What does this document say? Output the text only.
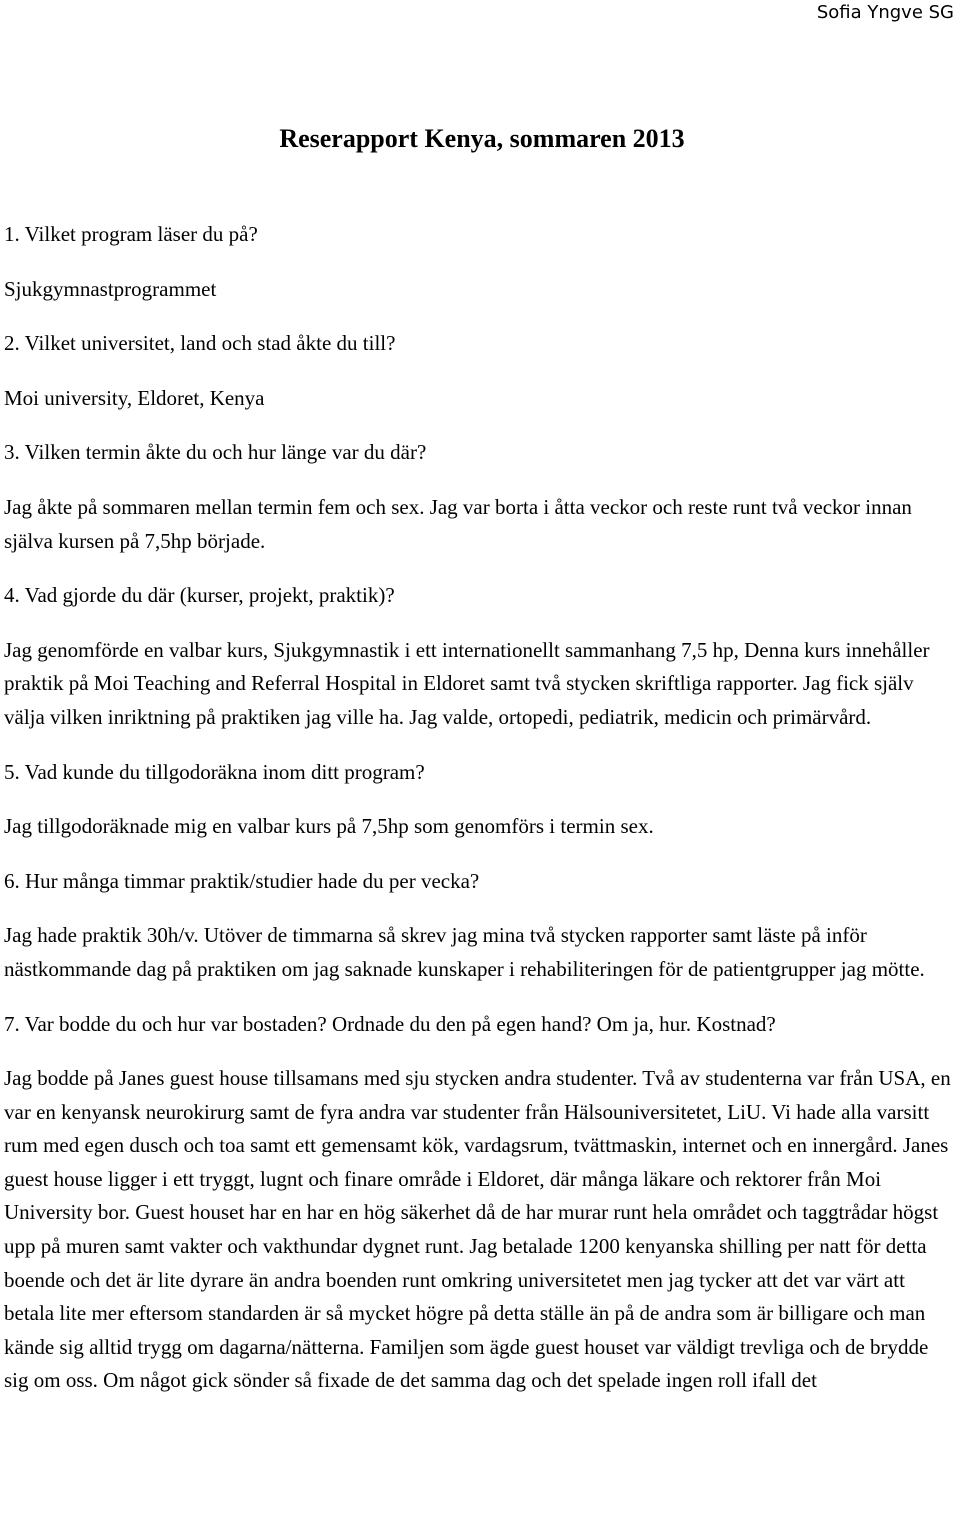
Sofia Yngve SG
Reserapport Kenya, sommaren 2013
1. Vilket program läser du på?
Sjukgymnastprogrammet
2. Vilket universitet, land och stad åkte du till?
Moi university, Eldoret, Kenya
3. Vilken termin åkte du och hur länge var du där?
Jag åkte på sommaren mellan termin fem och sex. Jag var borta i åtta veckor och reste runt två veckor innan själva kursen på 7,5hp började.
4. Vad gjorde du där (kurser, projekt, praktik)?
Jag genomförde en valbar kurs, Sjukgymnastik i ett internationellt sammanhang 7,5 hp, Denna kurs innehåller praktik på Moi Teaching and Referral Hospital in Eldoret samt två stycken skriftliga rapporter. Jag fick själv välja vilken inriktning på praktiken jag ville ha. Jag valde, ortopedi, pediatrik, medicin och primärvård.
5. Vad kunde du tillgodoräkna inom ditt program?
Jag tillgodoräknade mig en valbar kurs på 7,5hp som genomförs i termin sex.
6. Hur många timmar praktik/studier hade du per vecka?
Jag hade praktik 30h/v. Utöver de timmarna så skrev jag mina två stycken rapporter samt läste på inför nästkommande dag på praktiken om jag saknade kunskaper i rehabiliteringen för de patientgrupper jag mötte.
7. Var bodde du och hur var bostaden? Ordnade du den på egen hand? Om ja, hur. Kostnad?
Jag bodde på Janes guest house tillsamans med sju stycken andra studenter. Två av studenterna var från USA, en var en kenyansk neurokirurg samt de fyra andra var studenter från Hälsouniversitetet, LiU. Vi hade alla varsitt rum med egen dusch och toa samt ett gemensamt kök, vardagsrum, tvättmaskin, internet och en innergård. Janes guest house ligger i ett tryggt, lugnt och finare område i Eldoret, där många läkare och rektorer från Moi University bor. Guest houset har en har en hög säkerhet då de har murar runt hela området och taggtrådar högst upp på muren samt vakter och vakthundar dygnet runt. Jag betalade 1200 kenyanska shilling per natt för detta boende och det är lite dyrare än andra boenden runt omkring universitetet men jag tycker att det var värt att betala lite mer eftersom standarden är så mycket högre på detta ställe än på de andra som är billigare och man kände sig alltid trygg om dagarna/nätterna. Familjen som ägde guest houset var väldigt trevliga och de brydde sig om oss. Om något gick sönder så fixade de det samma dag och det spelade ingen roll ifall det
